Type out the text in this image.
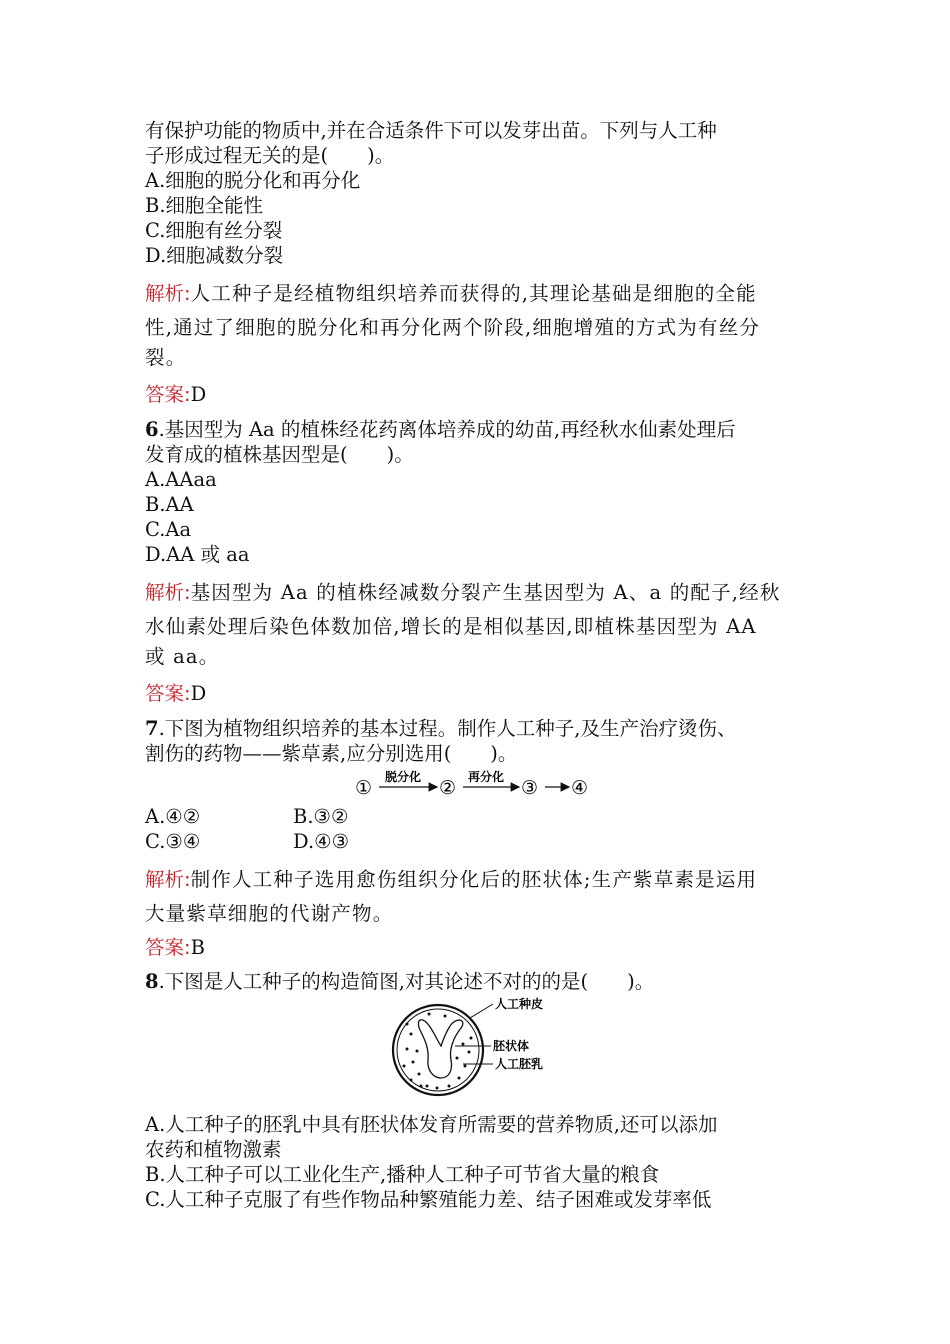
有保护功能的物质中,并在合适条件下可以发芽出苗。下列与人工种
子形成过程无关的是(　　)。
A.细胞的脱分化和再分化
B.细胞全能性
C.细胞有丝分裂
D.细胞减数分裂
解析:人工种子是经植物组织培养而获得的,其理论基础是细胞的全能
性,通过了细胞的脱分化和再分化两个阶段,细胞增殖的方式为有丝分
裂。
答案:D
6.基因型为 Aa 的植株经花药离体培养成的幼苗,再经秋水仙素处理后
发育成的植株基因型是(　　)。
A.AAaa
B.AA
C.Aa
D.AA 或 aa
解析:基因型为 Aa 的植株经减数分裂产生基因型为 A、a 的配子,经秋
水仙素处理后染色体数加倍,增长的是相似基因,即植株基因型为 AA
或 aa。
答案:D
7.下图为植物组织培养的基本过程。制作人工种子,及生产治疗烫伤、
割伤的药物——紫草素,应分别选用(　　)。
① 脱分化 ② 再分化 ③ ④
A.④②	B.③②
C.③④	D.④③
解析:制作人工种子选用愈伤组织分化后的胚状体;生产紫草素是运用
大量紫草细胞的代谢产物。
答案:B
8.下图是人工种子的构造简图,对其论述不对的的是(　　)。
人工种皮
胚状体
人工胚乳
A.人工种子的胚乳中具有胚状体发育所需要的营养物质,还可以添加
农药和植物激素
B.人工种子可以工业化生产,播种人工种子可节省大量的粮食
C.人工种子克服了有些作物品种繁殖能力差、结子困难或发芽率低
